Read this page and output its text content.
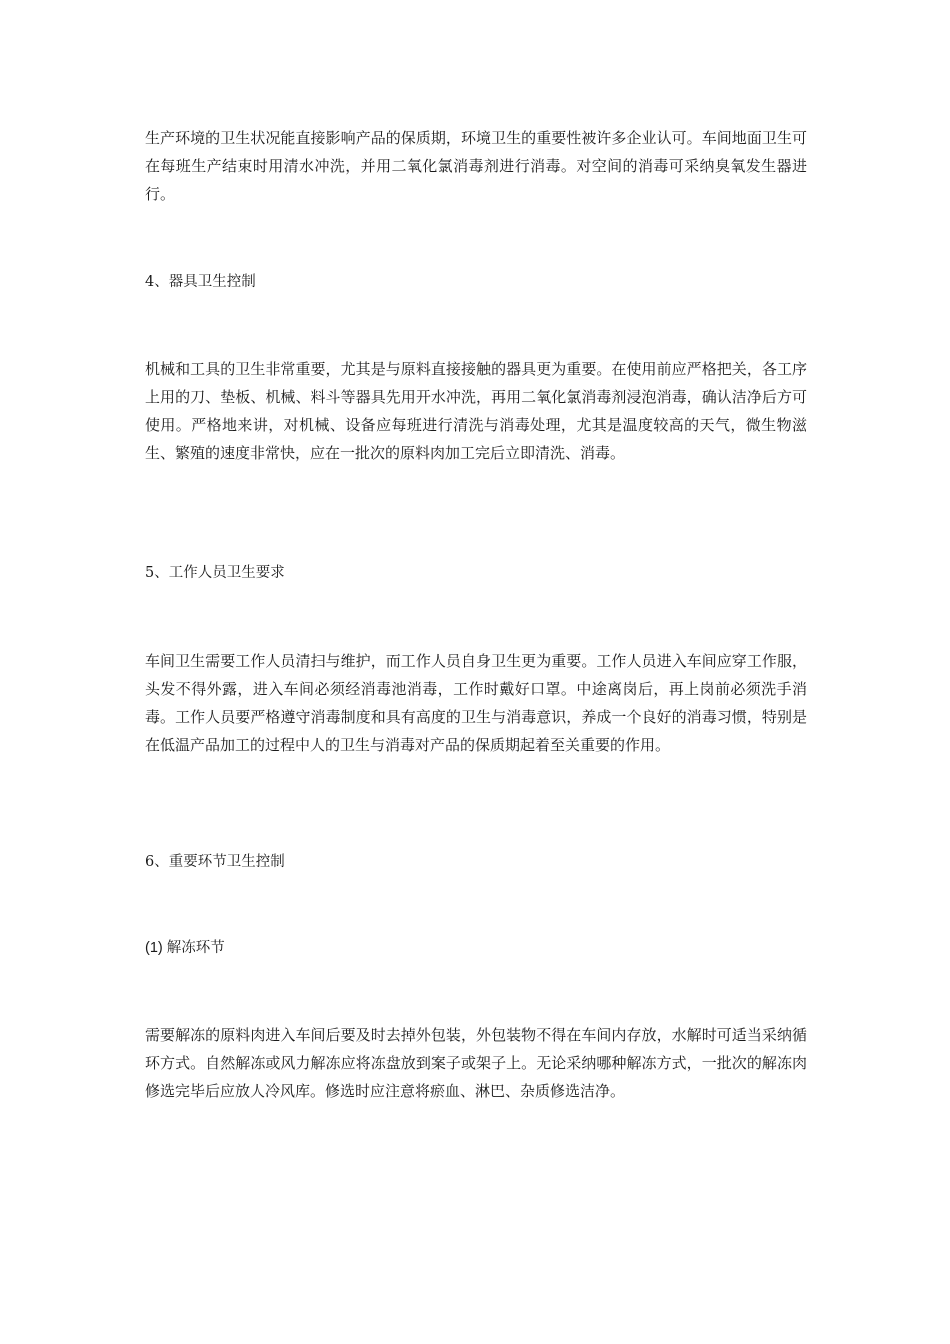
生产环境的卫生状况能直接影响产品的保质期，环境卫生的重要性被许多企业认可。车间地面卫生可在每班生产结束时用清水冲洗，并用二氧化氯消毒剂进行消毒。对空间的消毒可采纳臭氧发生器进行。

4、器具卫生控制

机械和工具的卫生非常重要，尤其是与原料直接接触的器具更为重要。在使用前应严格把关，各工序上用的刀、垫板、机械、料斗等器具先用开水冲洗，再用二氧化氯消毒剂浸泡消毒，确认洁净后方可使用。严格地来讲，对机械、设备应每班进行清洗与消毒处理，尤其是温度较高的天气，微生物滋生、繁殖的速度非常快，应在一批次的原料肉加工完后立即清洗、消毒。

5、工作人员卫生要求

车间卫生需要工作人员清扫与维护，而工作人员自身卫生更为重要。工作人员进入车间应穿工作服，头发不得外露，进入车间必须经消毒池消毒，工作时戴好口罩。中途离岗后，再上岗前必须洗手消毒。工作人员要严格遵守消毒制度和具有高度的卫生与消毒意识，养成一个良好的消毒习惯，特别是在低温产品加工的过程中人的卫生与消毒对产品的保质期起着至关重要的作用。

6、重要环节卫生控制

(1) 解冻环节

需要解冻的原料肉进入车间后要及时去掉外包装，外包装物不得在车间内存放，水解时可适当采纳循环方式。自然解冻或风力解冻应将冻盘放到案子或架子上。无论采纳哪种解冻方式，一批次的解冻肉修选完毕后应放人冷风库。修选时应注意将瘀血、淋巴、杂质修选洁净。
